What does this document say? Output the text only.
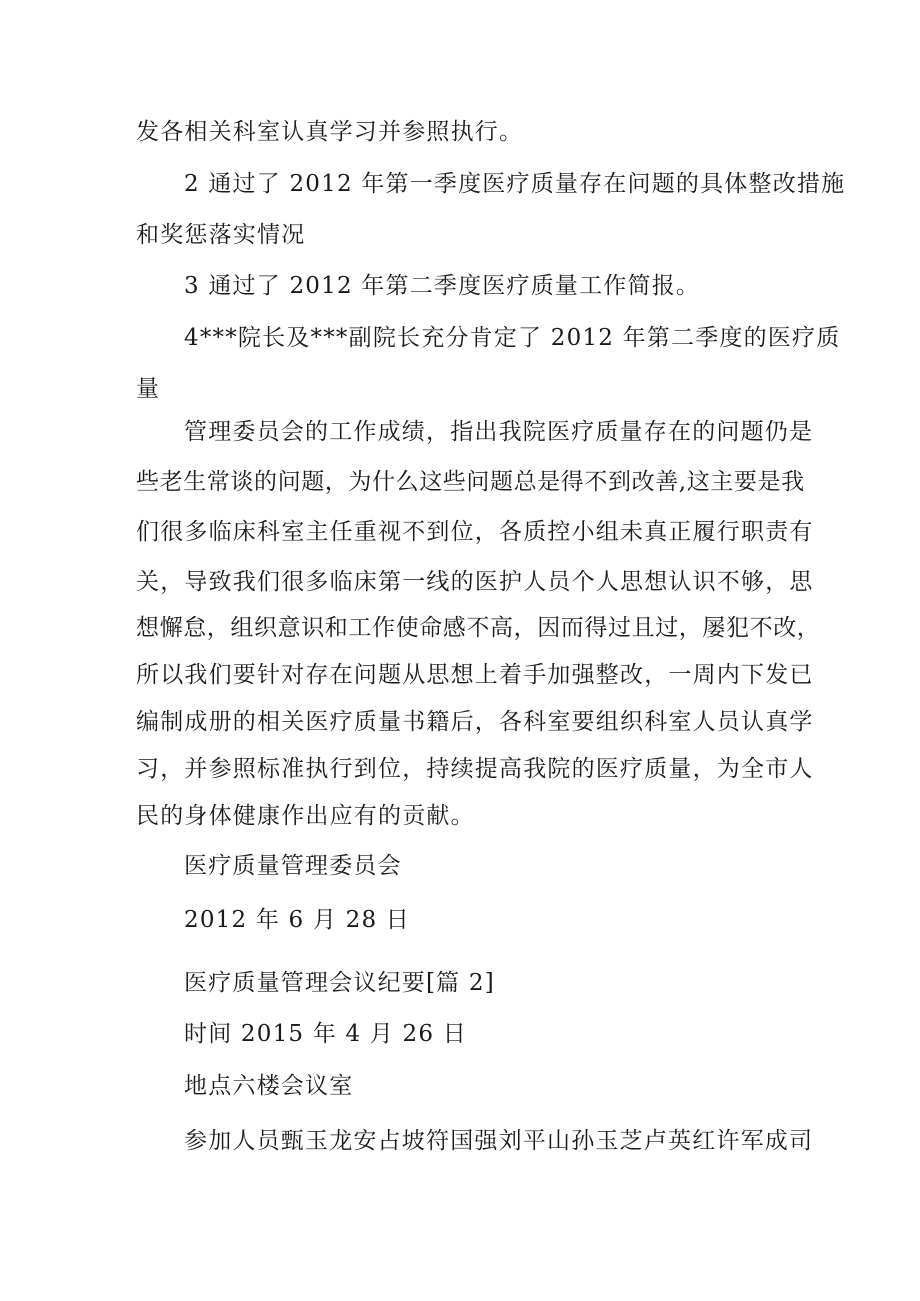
发各相关科室认真学习并参照执行。
2 通过了 2012 年第一季度医疗质量存在问题的具体整改措施
和奖惩落实情况
3 通过了 2012 年第二季度医疗质量工作简报。
4***院长及***副院长充分肯定了 2012 年第二季度的医疗质
量
管理委员会的工作成绩，指出我院医疗质量存在的问题仍是
些老生常谈的问题，为什么这些问题总是得不到改善,这主要是我
们很多临床科室主任重视不到位，各质控小组未真正履行职责有
关，导致我们很多临床第一线的医护人员个人思想认识不够，思
想懈怠，组织意识和工作使命感不高，因而得过且过，屡犯不改，
所以我们要针对存在问题从思想上着手加强整改，一周内下发已
编制成册的相关医疗质量书籍后，各科室要组织科室人员认真学
习，并参照标准执行到位，持续提高我院的医疗质量，为全市人
民的身体健康作出应有的贡献。
医疗质量管理委员会
2012 年 6 月 28 日
医疗质量管理会议纪要[篇 2]
时间 2015 年 4 月 26 日
地点六楼会议室
参加人员甄玉龙安占坡符国强刘平山孙玉芝卢英红许军成司
